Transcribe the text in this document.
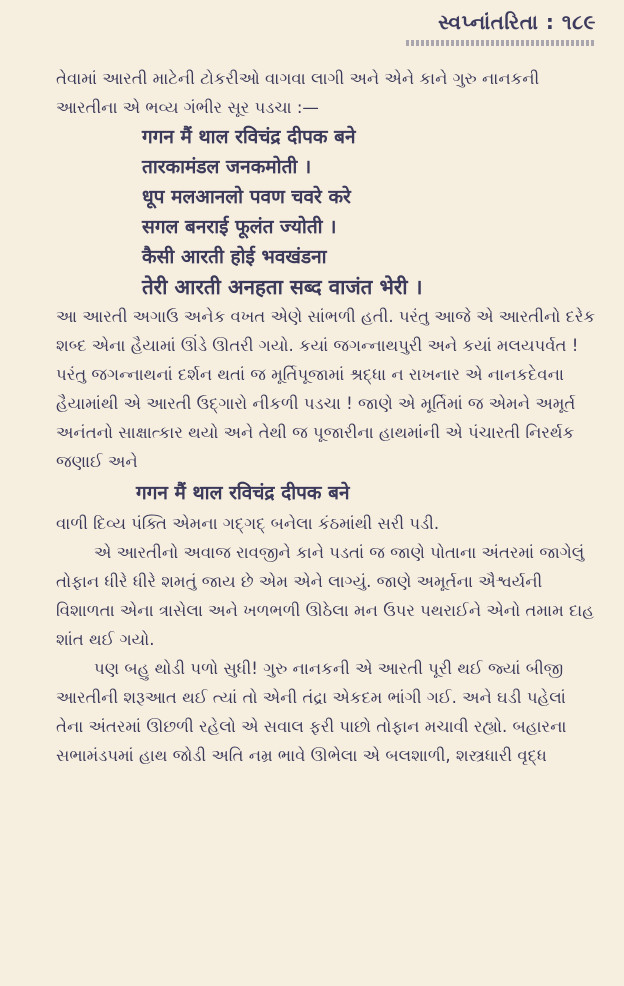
સ્વપ્નાંતરિતા : ૧૮૯

તેવામાં આરતી માટેની ટોકરીઓ વાગવા લાગી અને એને કાને ગુરુ નાનકની આરતીના એ ભવ્ય ગંભીર સૂર પડચા :—

गगन मैं थाल रविचंद्र दीपक बने
तारकामंडल जनकमोती ।
धूप मलआनलो पवण चवरे करे
सगल बनराई फूलंत ज्योती ।
कैसी आरती होई भवखंडना
तेरी आरती अनहता सब्द वाजंत भेरी ।

આ આરતી અગાઉ અનેક વખત એણે સાંભળી હતી. પરંતુ આજે એ આરતીનો દરેક શબ્દ એના હૈયામાં ઊંડે ઊતરી ગયો. કયાં જગન્નાથપુરી અને કયાં મલયપર્વત ! પરંતુ જગન્નાથનાં દર્શન થતાં જ મૂર્તિપૂજામાં શ્રદ્ધા ન રાખનાર એ નાનકદેવના હૈયામાંથી એ આરતી ઉદ્ગારો નીકળી પડચા ! જાણે એ મૂર્તિમાં જ એમને અમૂર્ત અનંતનો સાક્ષાત્કાર થયો અને તેથી જ પૂજારીના હાથમાંની એ પંચારતી નિરર્થક જણાઈ અને

गगन मैं थाल रविचंद्र दीपक बने

વાળી દિવ્ય પંક્તિ એમના ગદ્ગદ્ બનેલા કંઠમાંથી સરી પડી.

એ આરતીનો અવાજ રાવજીને કાને પડતાં જ જાણે પોતાના અંતરમાં જાગેલું તોફાન ધીરે ધીરે શમતું જાય છે એમ એને લાગ્યું. જાણે અમૂર્તના ઐશ્વર્યની વિશાળતા એના ત્રાસેલા અને ખળભળી ઊઠેલા મન ઉપર પથરાઈને એનો તમામ દાહ શાંત થઈ ગયો.

પણ બહુ થોડી પળો સુધી! ગુરુ નાનકની એ આરતી પૂરી થઈ જ્યાં બીજી આરતીની શરૂઆત થઈ ત્યાં તો એની તંદ્રા એકદમ ભાંગી ગઈ. અને ઘડી પહેલાં તેના અંતરમાં ઊછળી રહેલો એ સવાલ ફરી પાછો તોફાન મચાવી રહ્યો. બહારના સભામંડપમાં હાથ જોડી અતિ નમ્ર ભાવે ઊભેલા એ બલશાળી, શસ્ત્રધારી વૃદ્ધ
